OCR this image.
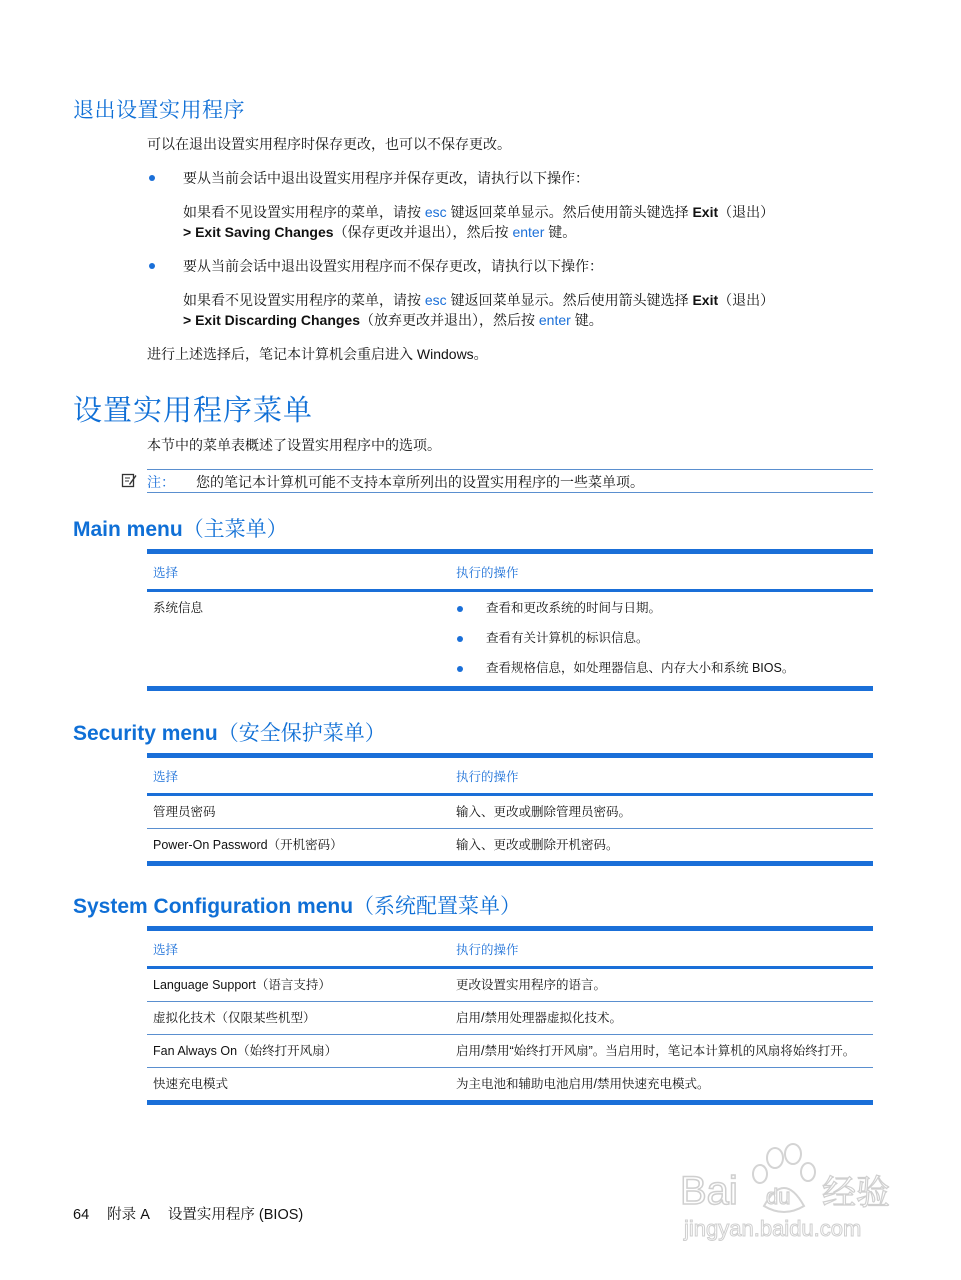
退出设置实用程序
可以在退出设置实用程序时保存更改，也可以不保存更改。
要从当前会话中退出设置实用程序并保存更改，请执行以下操作：
如果看不见设置实用程序的菜单，请按 esc 键返回菜单显示。然后使用箭头键选择 Exit（退出）
> Exit Saving Changes（保存更改并退出），然后按 enter 键。
要从当前会话中退出设置实用程序而不保存更改，请执行以下操作：
如果看不见设置实用程序的菜单，请按 esc 键返回菜单显示。然后使用箭头键选择 Exit（退出）
> Exit Discarding Changes（放弃更改并退出），然后按 enter 键。
进行上述选择后，笔记本计算机会重启进入 Windows。
设置实用程序菜单
本节中的菜单表概述了设置实用程序中的选项。
注： 您的笔记本计算机可能不支持本章所列出的设置实用程序的一些菜单项。
Main menu（主菜单）
选择	执行的操作
系统信息	查看和更改系统的时间与日期。
查看有关计算机的标识信息。
查看规格信息，如处理器信息、内存大小和系统 BIOS。
Security menu（安全保护菜单）
选择	执行的操作
管理员密码	输入、更改或删除管理员密码。
Power-On Password（开机密码）	输入、更改或删除开机密码。
System Configuration menu（系统配置菜单）
选择	执行的操作
Language Support（语言支持）	更改设置实用程序的语言。
虚拟化技术（仅限某些机型）	启用/禁用处理器虚拟化技术。
Fan Always On（始终打开风扇）	启用/禁用“始终打开风扇”。当启用时，笔记本计算机的风扇将始终打开。
快速充电模式	为主电池和辅助电池启用/禁用快速充电模式。
64 附录 A 设置实用程序 (BIOS)
Bai du 经验
jingyan.baidu.com
